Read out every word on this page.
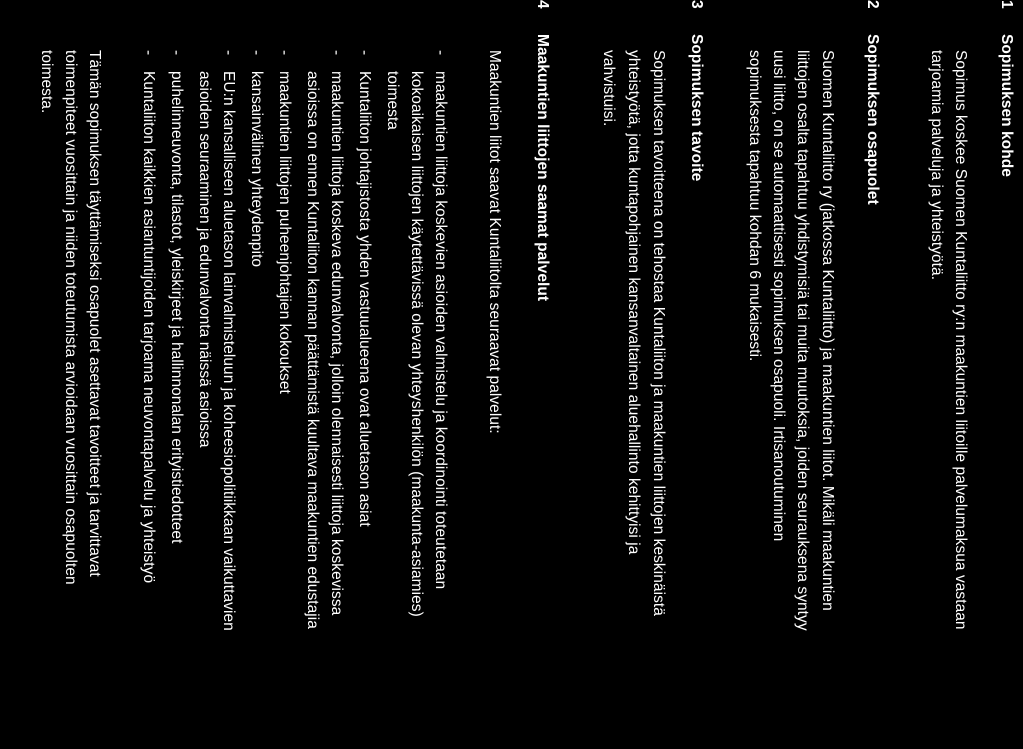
1
Sopimuksen kohde
Sopimus koskee Suomen Kuntaliitto ry:n maakuntien liitoille palvelumaksua vastaan
tarjoamia palveluja ja yhteistyötä.
2
Sopimuksen osapuolet
Suomen Kuntaliitto ry (jatkossa Kuntaliitto) ja maakuntien liitot. Mikäli maakuntien
liittojen osalta tapahtuu yhdistymisiä tai muita muutoksia, joiden seurauksena syntyy
uusi liitto, on se automaattisesti sopimuksen osapuoli. Irtisanoutuminen
sopimuksesta tapahtuu kohdan 6 mukaisesti.
3
Sopimuksen tavoite
Sopimuksen tavoitteena on tehostaa Kuntaliiton ja maakuntien liittojen keskinäistä
yhteistyötä, jotta kuntapohjainen kansanvaltainen aluehallinto kehittyisi ja
vahvistuisi.
4
Maakuntien liittojen saamat palvelut
Maakuntien liitot saavat Kuntaliitolta seuraavat palvelut:
-
maakuntien liittoja koskevien asioiden valmistelu ja koordinointi toteutetaan
kokoaikaisen liittojen käytettävissä olevan yhteyshenkilön (maakunta-asiamies)
toimesta
-
Kuntaliiton johtajistosta yhden vastuualueena ovat aluetason asiat
-
maakuntien liittoja koskeva edunvalvonta, jolloin olennaisesti liittoja koskevissa
asioissa on ennen Kuntaliiton kannan päättämistä kuultava maakuntien edustajia
-
maakuntien liittojen puheenjohtajien kokoukset
-
kansainvälinen yhteydenpito
-
EU:n kansalliseen aluetason lainvalmisteluun ja koheesiopolitiikkaan vaikuttavien
asioiden seuraaminen ja edunvalvonta näissä asioissa
-
puhelinneuvonta, tilastot, yleiskirjeet ja hallinnonalan erityistiedotteet
-
Kuntaliiton kaikkien asiantuntijoiden tarjoama neuvontapalvelu ja yhteistyö
Tämän sopimuksen täyttämiseksi osapuolet asettavat tavoitteet ja tarvittavat
toimenpiteet vuosittain ja niiden toteutumista arvioidaan vuosittain osapuolten
toimesta.
